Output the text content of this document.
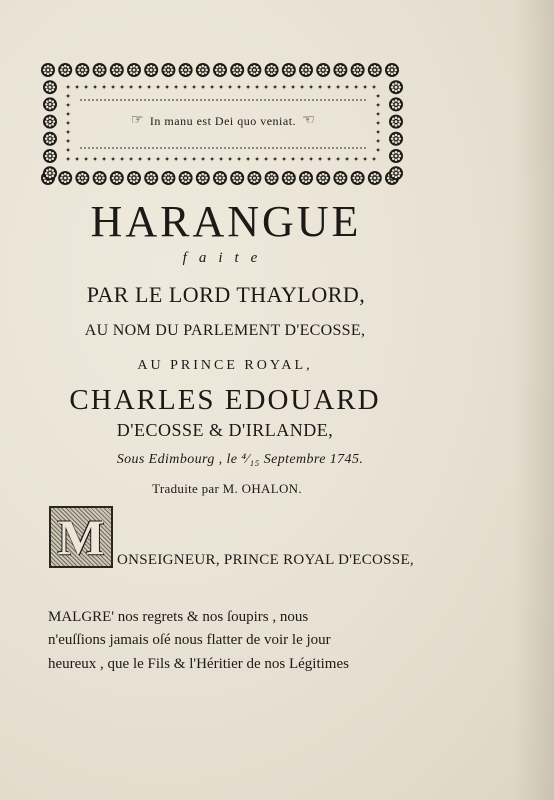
✦
✦
✦
✦
✦
✦
✦
✦
✦
✦
✦
✦
✦
✦
✦
✦
✦
✦
✦
✦
✦
✦
✦
✦
✦
✦
✦
✦
✦
✦
✦
✦
✦
✦
✦
✦
✦
✦
✦
✦
✦
✦
✦
✦
✦
✦
✦
✦
✦
✦
✦
✦
✦
✦
✦
✦
✦
✦
✦
✦
✦
✦
✦
✦
✦
✦
✦
✦
✦
✦
✦	✦
✦	✦
✦	✦
✦	✦
✦	✦
✦	✦
✦	✦
☞ In manu est Dei quo veniat. ☜
HARANGUE
faite
PAR LE LORD THAYLORD,
AU NOM DU PARLEMENT D'ECOSSE,
AU PRINCE ROYAL,
CHARLES EDOUARD
D'ECOSSE & D'IRLANDE,
Sous Edimbourg , le ⁴⁄₁₅ Septembre 1745.
Traduite par M. OHALON.
M ONSEIGNEUR, PRINCE ROYAL D'ECOSSE,
MALGRE' nos regrets & nos ſoupirs , nous
n'euſſions jamais oſé nous flatter de voir le jour
heureux , que le Fils & l'Héritier de nos Légitimes
